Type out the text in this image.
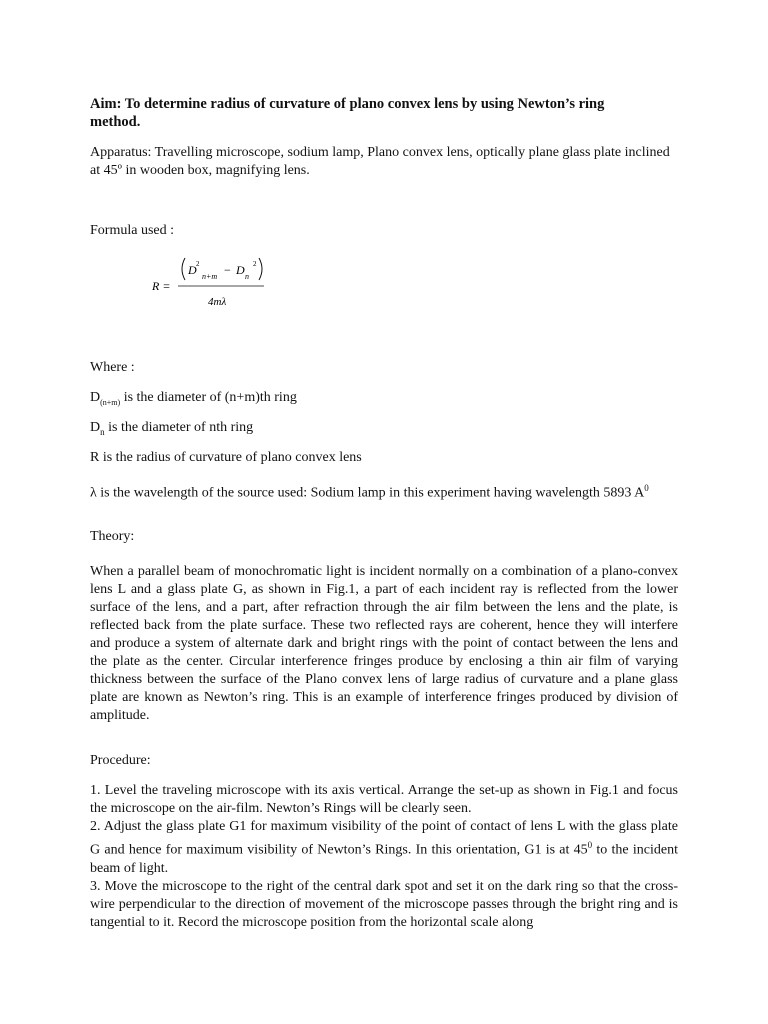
Aim: To determine radius of curvature of plano convex lens by using Newton’s ring
method.

Apparatus: Travelling microscope, sodium lamp, Plano convex lens, optically plane glass plate inclined at 45º in wooden box, magnifying lens.

Formula used :

R =
D 2
n+m − D n
2
4mλ

Where :

$D_{(n+m)}$ is the diameter of (n+m)th ring

$D_n$ is the diameter of nth ring

R is the radius of curvature of plano convex lens

λ is the wavelength of the source used: Sodium lamp in this experiment having wavelength 5893 $A^0$

Theory:

When a parallel beam of monochromatic light is incident normally on a combination of a plano-convex lens L and a glass plate G, as shown in Fig.1, a part of each incident ray is reflected from the lower surface of the lens, and a part, after refraction through the air film between the lens and the plate, is reflected back from the plate surface. These two reflected rays are coherent, hence they will interfere and produce a system of alternate dark and bright rings with the point of contact between the lens and the plate as the center. Circular interference fringes produce by enclosing a thin air film of varying thickness between the surface of the Plano convex lens of large radius of curvature and a plane glass plate are known as Newton’s ring. This is an example of interference fringes produced by division of amplitude.

Procedure:

1. Level the traveling microscope with its axis vertical. Arrange the set-up as shown in Fig.1 and focus the microscope on the air-film. Newton’s Rings will be clearly seen.
2. Adjust the glass plate G1 for maximum visibility of the point of contact of lens L with the glass plate G and hence for maximum visibility of Newton’s Rings. In this orientation, G1 is at $45^0$ to the incident beam of light.
3. Move the microscope to the right of the central dark spot and set it on the dark ring so that the cross-wire perpendicular to the direction of movement of the microscope passes through the bright ring and is tangential to it. Record the microscope position from the horizontal scale along
